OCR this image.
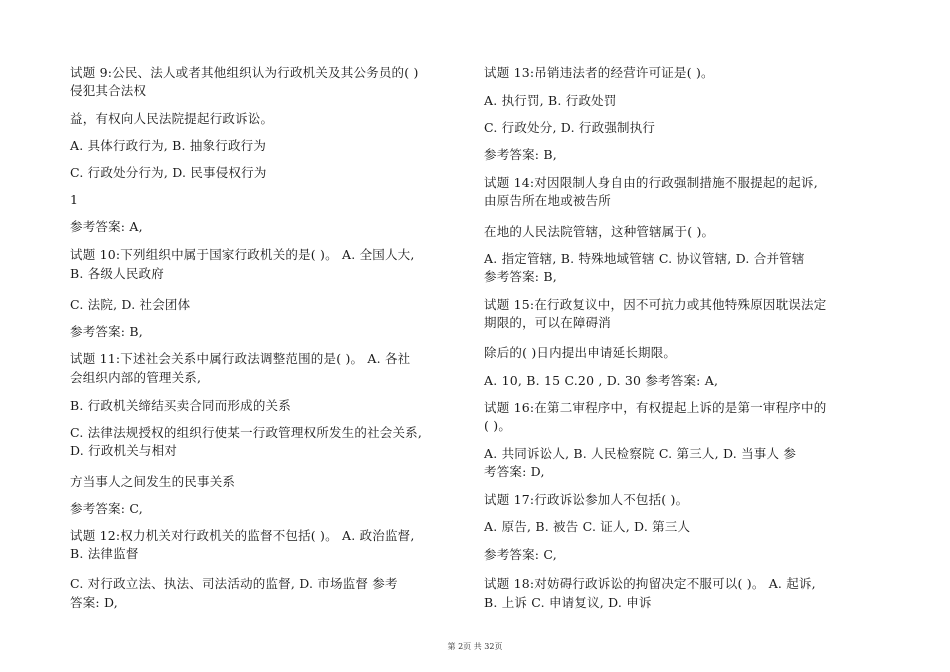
试题 9:公民、法人或者其他组织认为行政机关及其公务员的( )
侵犯其合法权
益，有权向人民法院提起行政诉讼。
A. 具体行政行为, B. 抽象行政行为
C. 行政处分行为, D. 民事侵权行为
1
参考答案: A,
试题 10:下列组织中属于国家行政机关的是( )。 A. 全国人大,
B. 各级人民政府
C. 法院, D. 社会团体
参考答案: B,
试题 11:下述社会关系中属行政法调整范围的是( )。 A. 各社
会组织内部的管理关系,
B. 行政机关缔结买卖合同而形成的关系
C. 法律法规授权的组织行使某一行政管理权所发生的社会关系,
D. 行政机关与相对
方当事人之间发生的民事关系
参考答案: C,
试题 12:权力机关对行政机关的监督不包括( )。 A. 政治监督,
B. 法律监督
C. 对行政立法、执法、司法活动的监督, D. 市场监督 参考
答案: D,
试题 13:吊销违法者的经营许可证是( )。
A. 执行罚, B. 行政处罚
C. 行政处分, D. 行政强制执行
参考答案: B,
试题 14:对因限制人身自由的行政强制措施不服提起的起诉,
由原告所在地或被告所
在地的人民法院管辖，这种管辖属于( )。
A. 指定管辖, B. 特殊地域管辖 C. 协议管辖, D. 合并管辖
参考答案: B,
试题 15:在行政复议中，因不可抗力或其他特殊原因耽误法定
期限的，可以在障碍消
除后的( )日内提出申请延长期限。
A. 10, B. 15 C.20 , D. 30 参考答案: A,
试题 16:在第二审程序中，有权提起上诉的是第一审程序中的
( )。
A. 共同诉讼人, B. 人民检察院 C. 第三人, D. 当事人 参
考答案: D,
试题 17:行政诉讼参加人不包括( )。
A. 原告, B. 被告 C. 证人, D. 第三人
参考答案: C,
试题 18:对妨碍行政诉讼的拘留决定不服可以( )。 A. 起诉,
B. 上诉 C. 申请复议, D. 申诉
第 2页 共 32页
